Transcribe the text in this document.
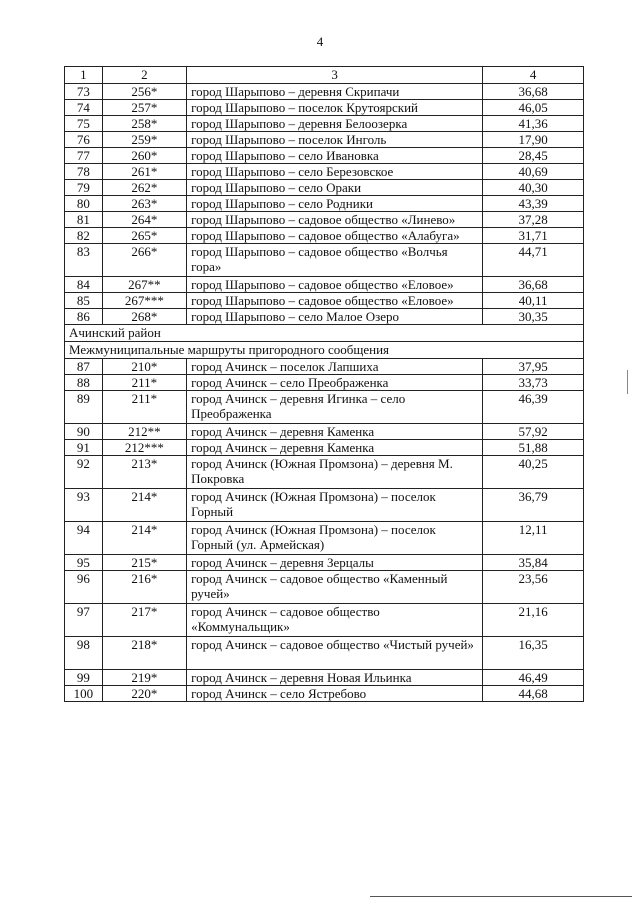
4
1	2	3	4
73	256*	город Шарыпово – деревня Скрипачи	36,68
74	257*	город Шарыпово – поселок Крутоярский	46,05
75	258*	город Шарыпово – деревня Белоозерка	41,36
76	259*	город Шарыпово – поселок Инголь	17,90
77	260*	город Шарыпово – село Ивановка	28,45
78	261*	город Шарыпово – село Березовское	40,69
79	262*	город Шарыпово – село Ораки	40,30
80	263*	город Шарыпово – село Родники	43,39
81	264*	город Шарыпово – садовое общество «Линево»	37,28
82	265*	город Шарыпово – садовое общество «Алабуга»	31,71
83	266*	город Шарыпово – садовое общество «Волчья гора»	44,71
84	267**	город Шарыпово – садовое общество «Еловое»	36,68
85	267***	город Шарыпово – садовое общество «Еловое»	40,11
86	268*	город Шарыпово – село Малое Озеро	30,35
Ачинский район			
Межмуниципальные маршруты пригородного сообщения			
87	210*	город Ачинск – поселок Лапшиха	37,95
88	211*	город Ачинск – село Преображенка	33,73
89	211*	город Ачинск – деревня Игинка – село Преображенка	46,39
90	212**	город Ачинск – деревня Каменка	57,92
91	212***	город Ачинск – деревня Каменка	51,88
92	213*	город Ачинск (Южная Промзона) – деревня М. Покровка	40,25
93	214*	город Ачинск (Южная Промзона) – поселок Горный	36,79
94	214*	город Ачинск (Южная Промзона) – поселок Горный (ул. Армейская)	12,11
95	215*	город Ачинск – деревня Зерцалы	35,84
96	216*	город Ачинск – садовое общество «Каменный ручей»	23,56
97	217*	город Ачинск – садовое общество «Коммунальщик»	21,16
98	218*	город Ачинск – садовое общество «Чистый ручей»	16,35
99	219*	город Ачинск – деревня Новая Ильинка	46,49
100	220*	город Ачинск – село Ястребово	44,68
